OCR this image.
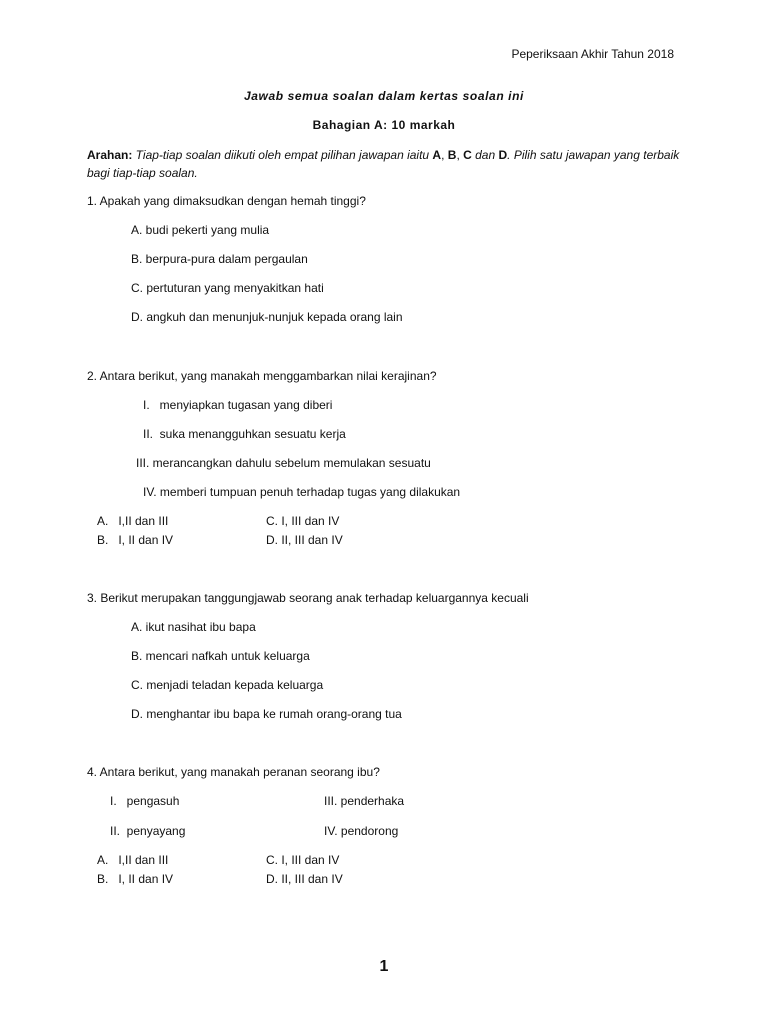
Peperiksaan Akhir Tahun 2018
Jawab semua soalan dalam kertas soalan ini
Bahagian A: 10 markah
Arahan: Tiap-tiap soalan diikuti oleh empat pilihan jawapan iaitu A, B, C dan D. Pilih satu jawapan yang terbaik bagi tiap-tiap soalan.
1. Apakah yang dimaksudkan dengan hemah tinggi?
A. budi pekerti yang mulia
B. berpura-pura dalam pergaulan
C. pertuturan yang menyakitkan hati
D. angkuh dan menunjuk-nunjuk kepada orang lain
2. Antara berikut, yang manakah menggambarkan nilai kerajinan?
I.   menyiapkan tugasan yang diberi
II.  suka menangguhkan sesuatu kerja
III. merancangkan dahulu sebelum memulakan sesuatu
IV. memberi tumpuan penuh terhadap tugas yang dilakukan
A.   I,II dan III
B.   I, II dan IV
C. I, III dan IV
D. II, III dan IV
3. Berikut merupakan tanggungjawab seorang anak terhadap keluargannya kecuali
A. ikut nasihat ibu bapa
B. mencari nafkah untuk keluarga
C. menjadi teladan kepada keluarga
D. menghantar ibu bapa ke rumah orang-orang tua
4. Antara berikut, yang manakah peranan seorang ibu?
I.   pengasuh	III. penderhaka
II.  penyayang	IV. pendorong
A.   I,II dan III
B.   I, II dan IV
C. I, III dan IV
D. II, III dan IV
1
